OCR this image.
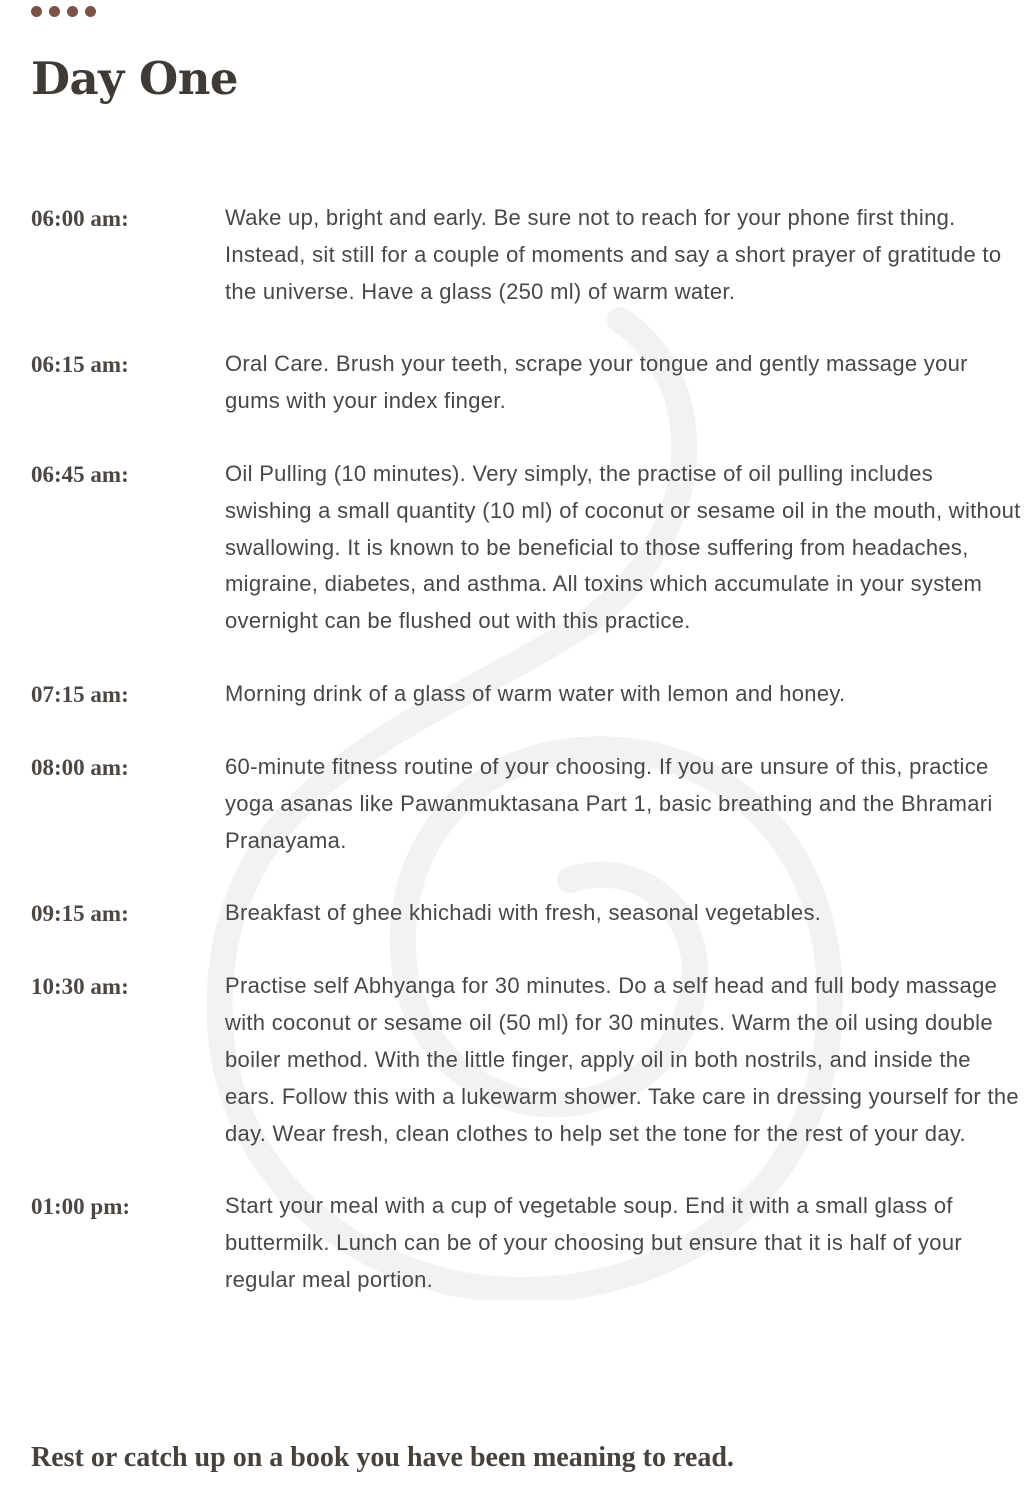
Day One
06:00 am:	Wake up, bright and early. Be sure not to reach for your phone first thing. Instead, sit still for a couple of moments and say a short prayer of gratitude to the universe. Have a glass (250 ml) of warm water.
06:15 am:	Oral Care. Brush your teeth, scrape your tongue and gently massage your gums with your index finger.
06:45 am:	Oil Pulling (10 minutes). Very simply, the practise of oil pulling includes swishing a small quantity (10 ml) of coconut or sesame oil in the mouth, without swallowing. It is known to be beneficial to those suffering from headaches, migraine, diabetes, and asthma. All toxins which accumulate in your system overnight can be flushed out with this practice.
07:15 am:	Morning drink of a glass of warm water with lemon and honey.
08:00 am:	60-minute fitness routine of your choosing. If you are unsure of this, practice yoga asanas like Pawanmuktasana Part 1, basic breathing and the Bhramari Pranayama.
09:15 am:	Breakfast of ghee khichadi with fresh, seasonal vegetables.
10:30 am:	Practise self Abhyanga for 30 minutes. Do a self head and full body massage with coconut or sesame oil (50 ml) for 30 minutes. Warm the oil using double boiler method. With the little finger, apply oil in both nostrils, and inside the ears. Follow this with a lukewarm shower. Take care in dressing yourself for the day. Wear fresh, clean clothes to help set the tone for the rest of your day.
01:00 pm:	Start your meal with a cup of vegetable soup. End it with a small glass of buttermilk. Lunch can be of your choosing but ensure that it is half of your regular meal portion.

Rest or catch up on a book you have been meaning to read.
